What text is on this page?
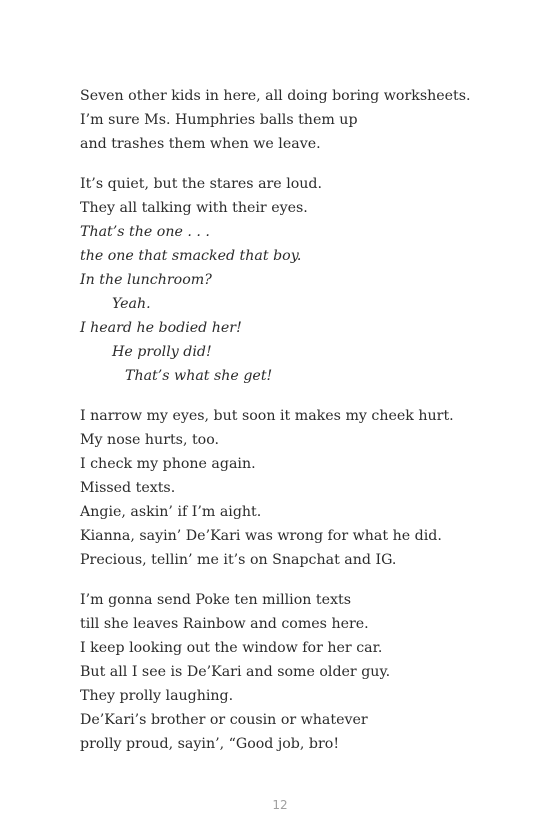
Seven other kids in here, all doing boring worksheets.
I’m sure Ms. Humphries balls them up
and trashes them when we leave.
It’s quiet, but the stares are loud.
They all talking with their eyes.
That’s the one . . .
the one that smacked that boy.
In the lunchroom?
Yeah.
I heard he bodied her!
He prolly did!
That’s what she get!
I narrow my eyes, but soon it makes my cheek hurt.
My nose hurts, too.
I check my phone again.
Missed texts.
Angie, askin’ if I’m aight.
Kianna, sayin’ De’Kari was wrong for what he did.
Precious, tellin’ me it’s on Snapchat and IG.
I’m gonna send Poke ten million texts
till she leaves Rainbow and comes here.
I keep looking out the window for her car.
But all I see is De’Kari and some older guy.
They prolly laughing.
De’Kari’s brother or cousin or whatever
prolly proud, sayin’, “Good job, bro!
12
